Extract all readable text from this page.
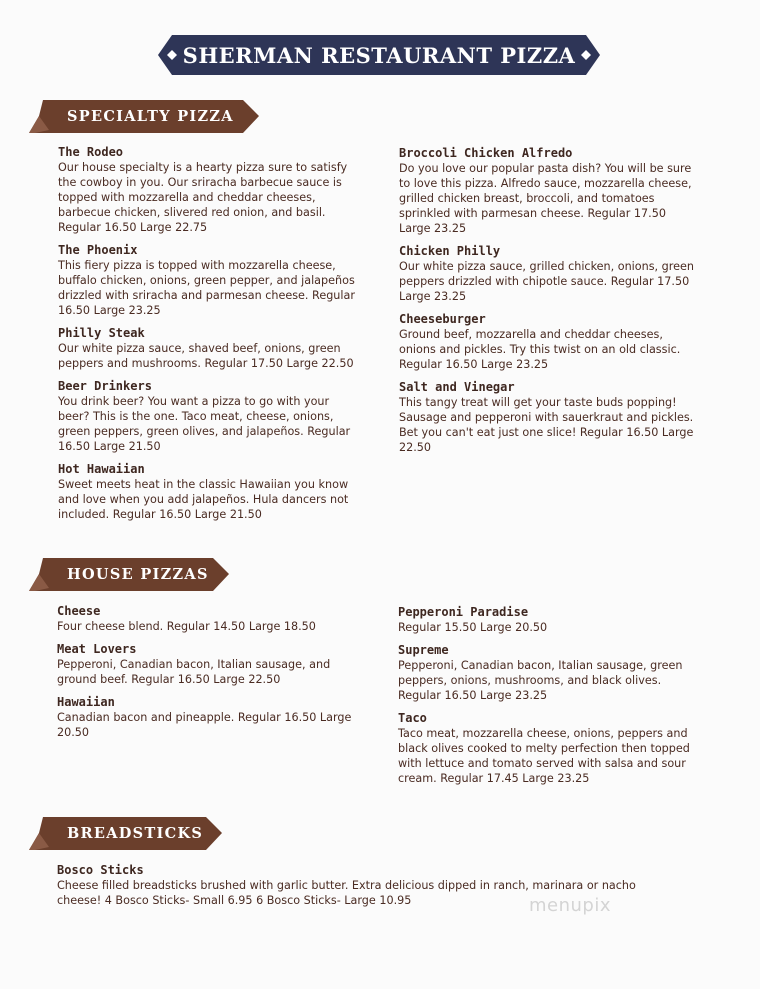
SHERMAN RESTAURANT PIZZA
SPECIALTY PIZZA
The Rodeo
Our house specialty is a hearty pizza sure to satisfy the cowboy in you. Our sriracha barbecue sauce is topped with mozzarella and cheddar cheeses, barbecue chicken, slivered red onion, and basil. Regular 16.50 Large 22.75
The Phoenix
This fiery pizza is topped with mozzarella cheese, buffalo chicken, onions, green pepper, and jalapeños drizzled with sriracha and parmesan cheese. Regular 16.50 Large 23.25
Philly Steak
Our white pizza sauce, shaved beef, onions, green peppers and mushrooms. Regular 17.50 Large 22.50
Beer Drinkers
You drink beer? You want a pizza to go with your beer? This is the one. Taco meat, cheese, onions, green peppers, green olives, and jalapeños. Regular 16.50 Large 21.50
Hot Hawaiian
Sweet meets heat in the classic Hawaiian you know and love when you add jalapeños. Hula dancers not included. Regular 16.50 Large 21.50
Broccoli Chicken Alfredo
Do you love our popular pasta dish? You will be sure to love this pizza. Alfredo sauce, mozzarella cheese, grilled chicken breast, broccoli, and tomatoes sprinkled with parmesan cheese. Regular 17.50 Large 23.25
Chicken Philly
Our white pizza sauce, grilled chicken, onions, green peppers drizzled with chipotle sauce. Regular 17.50 Large 23.25
Cheeseburger
Ground beef, mozzarella and cheddar cheeses, onions and pickles. Try this twist on an old classic. Regular 16.50 Large 23.25
Salt and Vinegar
This tangy treat will get your taste buds popping! Sausage and pepperoni with sauerkraut and pickles. Bet you can't eat just one slice! Regular 16.50 Large 22.50
HOUSE PIZZAS
Cheese
Four cheese blend. Regular 14.50 Large 18.50
Meat Lovers
Pepperoni, Canadian bacon, Italian sausage, and ground beef. Regular 16.50 Large 22.50
Hawaiian
Canadian bacon and pineapple. Regular 16.50 Large 20.50
Pepperoni Paradise
Regular 15.50 Large 20.50
Supreme
Pepperoni, Canadian bacon, Italian sausage, green peppers, onions, mushrooms, and black olives. Regular 16.50 Large 23.25
Taco
Taco meat, mozzarella cheese, onions, peppers and black olives cooked to melty perfection then topped with lettuce and tomato served with salsa and sour cream. Regular 17.45 Large 23.25
BREADSTICKS
Bosco Sticks
Cheese filled breadsticks brushed with garlic butter. Extra delicious dipped in ranch, marinara or nacho cheese! 4 Bosco Sticks- Small 6.95 6 Bosco Sticks- Large 10.95	menupix
